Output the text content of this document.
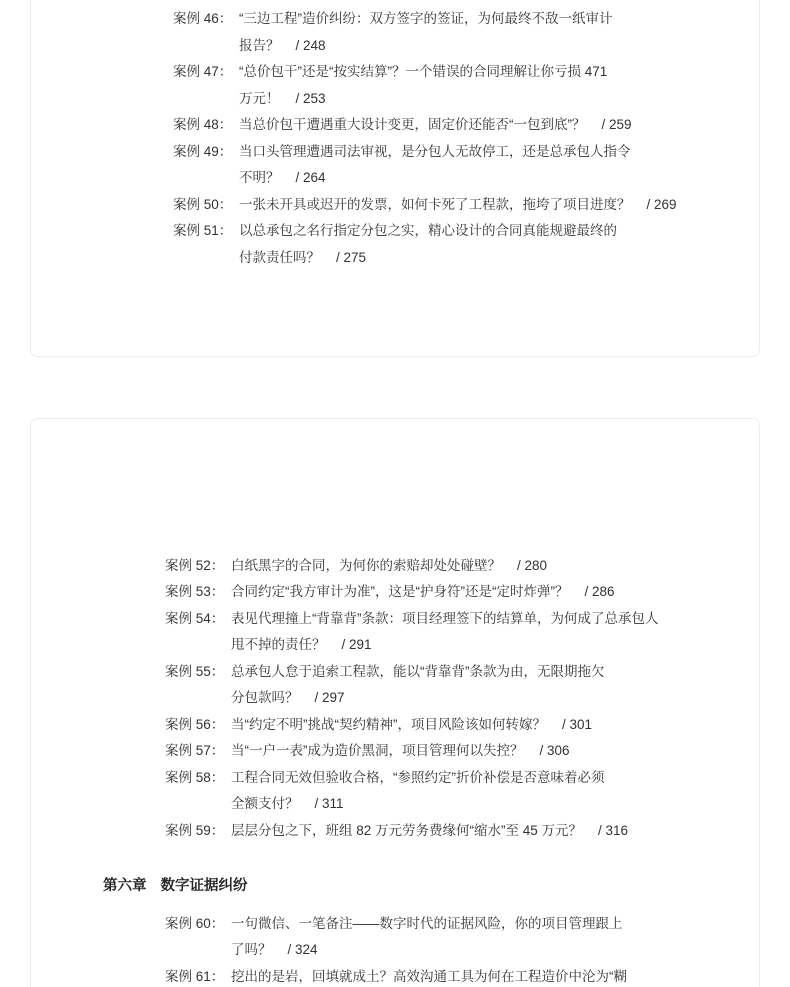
案例 46： “三边工程”造价纠纷：双方签字的签证，为何最终不敌一纸审计
报告？ / 248
案例 47： “总价包干”还是“按实结算”？一个错误的合同理解让你亏损 471
万元！ / 253
案例 48： 当总价包干遭遇重大设计变更，固定价还能否“一包到底”？ / 259
案例 49： 当口头管理遭遇司法审视，是分包人无故停工，还是总承包人指令
不明？ / 264
案例 50： 一张未开具或迟开的发票，如何卡死了工程款，拖垮了项目进度？ / 269
案例 51： 以总承包之名行指定分包之实，精心设计的合同真能规避最终的
付款责任吗？ / 275
案例 52： 白纸黑字的合同，为何你的索赔却处处碰壁？ / 280
案例 53： 合同约定“我方审计为准”，这是“护身符”还是“定时炸弹”？ / 286
案例 54： 表见代理撞上“背靠背”条款：项目经理签下的结算单，为何成了总承包人
甩不掉的责任？ / 291
案例 55： 总承包人怠于追索工程款，能以“背靠背”条款为由，无限期拖欠
分包款吗？ / 297
案例 56： 当“约定不明”挑战“契约精神”，项目风险该如何转嫁？ / 301
案例 57： 当“一户一表”成为造价黑洞，项目管理何以失控？ / 306
案例 58： 工程合同无效但验收合格，“参照约定”折价补偿是否意味着必须
全额支付？ / 311
案例 59： 层层分包之下，班组 82 万元劳务费缘何“缩水”至 45 万元？ / 316
第六章 数字证据纠纷
案例 60： 一句微信、一笔备注——数字时代的证据风险，你的项目管理跟上
了吗？ / 324
案例 61： 挖出的是岩，回填就成土？高效沟通工具为何在工程造价中沦为“糊
